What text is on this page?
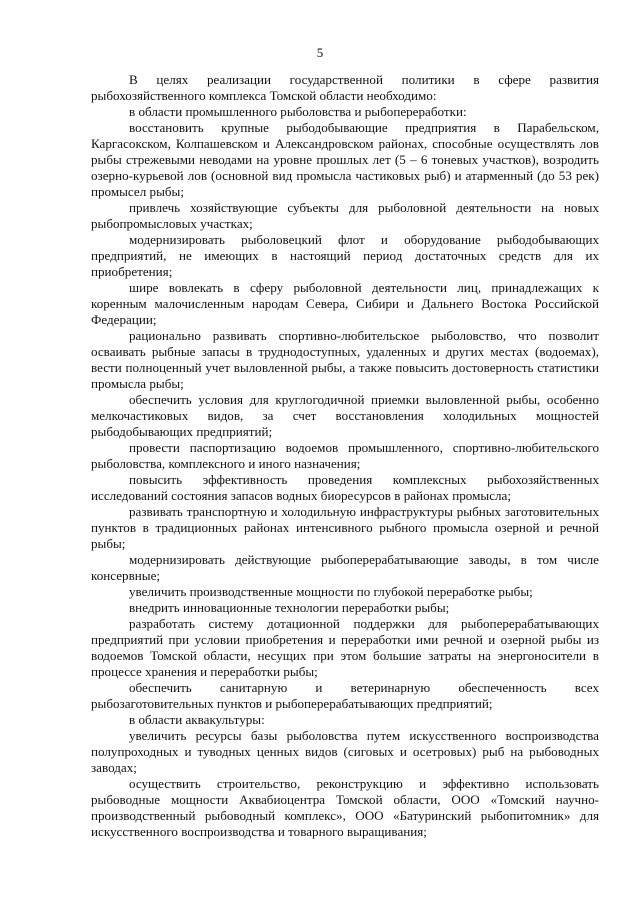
5

В целях реализации государственной политики в сфере развития рыбохозяйственного комплекса Томской области необходимо:

в области промышленного рыболовства и рыбопереработки:

восстановить крупные рыбодобывающие предприятия в Парабельском, Каргасокском, Колпашевском и Александровском районах, способные осуществлять лов рыбы стрежевыми неводами на уровне прошлых лет (5 – 6 тоневых участков), возродить озерно-курьевой лов (основной вид промысла частиковых рыб) и атарменный (до 53 рек) промысел рыбы;

привлечь хозяйствующие субъекты для рыболовной деятельности на новых рыбопромысловых участках;

модернизировать рыболовецкий флот и оборудование рыбодобывающих предприятий, не имеющих в настоящий период достаточных средств для их приобретения;

шире вовлекать в сферу рыболовной деятельности лиц, принадлежащих к коренным малочисленным народам Севера, Сибири и Дальнего Востока Российской Федерации;

рационально развивать спортивно-любительское рыболовство, что позволит осваивать рыбные запасы в труднодоступных, удаленных и других местах (водоемах), вести полноценный учет выловленной рыбы, а также повысить достоверность статистики промысла рыбы;

обеспечить условия для круглогодичной приемки выловленной рыбы, особенно мелкочастиковых видов, за счет восстановления холодильных мощностей рыбодобывающих предприятий;

провести паспортизацию водоемов промышленного, спортивно-любительского рыболовства, комплексного и иного назначения;

повысить эффективность проведения комплексных рыбохозяйственных исследований состояния запасов водных биоресурсов в районах промысла;

развивать транспортную и холодильную инфраструктуры рыбных заготовительных пунктов в традиционных районах интенсивного рыбного промысла озерной и речной рыбы;

модернизировать действующие рыбоперерабатывающие заводы, в том числе консервные;

увеличить производственные мощности по глубокой переработке рыбы;

внедрить инновационные технологии переработки рыбы;

разработать систему дотационной поддержки для рыбоперерабатывающих предприятий при условии приобретения и переработки ими речной и озерной рыбы из водоемов Томской области, несущих при этом большие затраты на энергоносители в процессе хранения и переработки рыбы;

обеспечить санитарную и ветеринарную обеспеченность всех рыбозаготовительных пунктов и рыбоперерабатывающих предприятий;

в области аквакультуры:

увеличить ресурсы базы рыболовства путем искусственного воспроизводства полупроходных и туводных ценных видов (сиговых и осетровых) рыб на рыбоводных заводах;

осуществить строительство, реконструкцию и эффективно использовать рыбоводные мощности Аквабиоцентра Томской области, ООО «Томский научно-производственный рыбоводный комплекс», ООО «Батуринский рыбопитомник» для искусственного воспроизводства и товарного выращивания;
